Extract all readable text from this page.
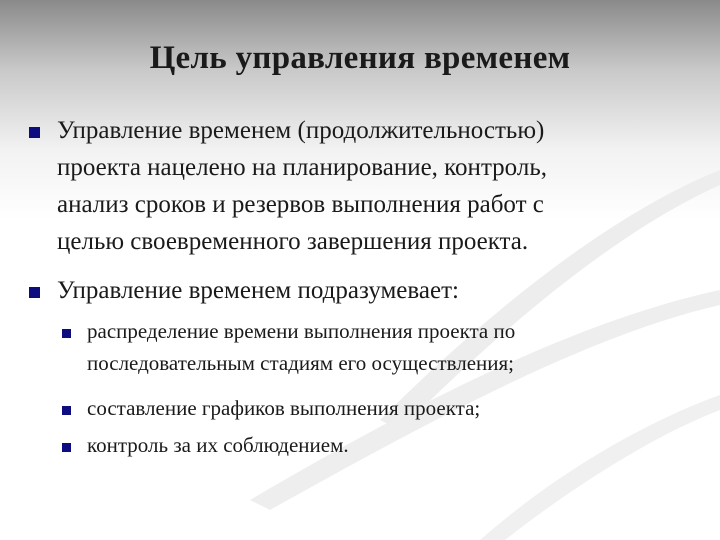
Цель управления временем
Управление временем (продолжительностью)
проекта нацелено на планирование, контроль,
анализ сроков и резервов выполнения работ с
целью своевременного завершения проекта.
Управление временем подразумевает:
распределение времени выполнения проекта по
последовательным стадиям его осуществления;
составление графиков выполнения проекта;
контроль за их соблюдением.
